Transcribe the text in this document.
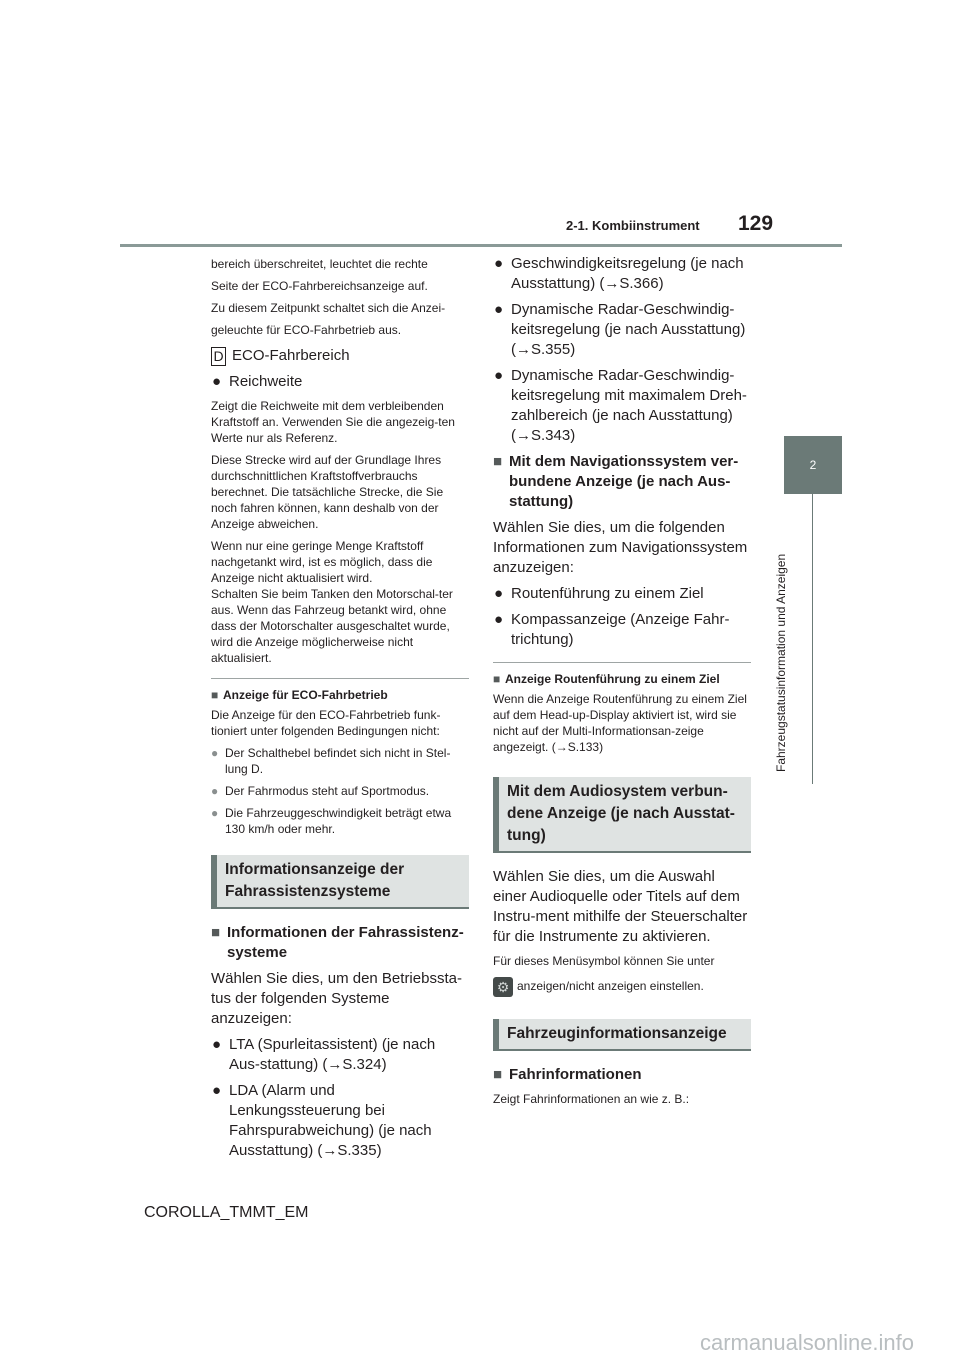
2-1. Kombiinstrument 129
2
Fahrzeugstatusinformation und Anzeigen

bereich überschreitet, leuchtet die rechte

Seite der ECO-Fahrbereichsanzeige auf.

Zu diesem Zeitpunkt schaltet sich die Anzei-

geleuchte für ECO-Fahrbetrieb aus.

D ECO-Fahrbereich

● Reichweite

Zeigt die Reichweite mit dem verbleibenden Kraftstoff an. Verwenden Sie die angezeig-ten Werte nur als Referenz.

Diese Strecke wird auf der Grundlage Ihres durchschnittlichen Kraftstoffverbrauchs berechnet. Die tatsächliche Strecke, die Sie noch fahren können, kann deshalb von der Anzeige abweichen.

Wenn nur eine geringe Menge Kraftstoff nachgetankt wird, ist es möglich, dass die Anzeige nicht aktualisiert wird.

Schalten Sie beim Tanken den Motorschal-ter aus. Wenn das Fahrzeug betankt wird, ohne dass der Motorschalter ausgeschaltet wurde, wird die Anzeige möglicherweise nicht aktualisiert.

■ Anzeige für ECO-Fahrbetrieb

Die Anzeige für den ECO-Fahrbetrieb funk-tioniert unter folgenden Bedingungen nicht:

● Der Schalthebel befindet sich nicht in Stel-lung D.
● Der Fahrmodus steht auf Sportmodus.
● Die Fahrzeuggeschwindigkeit beträgt etwa 130 km/h oder mehr.
Informationsanzeige der Fahrassistenzsysteme
■ Informationen der Fahrassistenz-systeme

Wählen Sie dies, um den Betriebssta-tus der folgenden Systeme anzuzeigen:

● LTA (Spurleitassistent) (je nach Aus-stattung) (→S.324)
● LDA (Alarm und Lenkungssteuerung bei Fahrspurabweichung) (je nach Ausstattung) (→S.335)
● Geschwindigkeitsregelung (je nach Ausstattung) (→S.366)
● Dynamische Radar-Geschwindig-keitsregelung (je nach Ausstattung) (→S.355)
● Dynamische Radar-Geschwindig-keitsregelung mit maximalem Dreh-zahlbereich (je nach Ausstattung) (→S.343)
■ Mit dem Navigationssystem ver-bundene Anzeige (je nach Aus-stattung)

Wählen Sie dies, um die folgenden Informationen zum Navigationssystem anzuzeigen:

● Routenführung zu einem Ziel
● Kompassanzeige (Anzeige Fahr-trichtung)
■ Anzeige Routenführung zu einem Ziel

Wenn die Anzeige Routenführung zu einem Ziel auf dem Head-up-Display aktiviert ist, wird sie nicht auf der Multi-Informationsan-zeige angezeigt. (→S.133)

Mit dem Audiosystem verbun-dene Anzeige (je nach Ausstat-tung)

Wählen Sie dies, um die Auswahl einer Audioquelle oder Titels auf dem Instru-ment mithilfe der Steuerschalter für die Instrumente zu aktivieren.

Für dieses Menüsymbol können Sie unter

⚙ anzeigen/nicht anzeigen einstellen.

Fahrzeuginformationsanzeige
■ Fahrinformationen

Zeigt Fahrinformationen an wie z. B.:

COROLLA_TMMT_EM
carmanualsonline.info
